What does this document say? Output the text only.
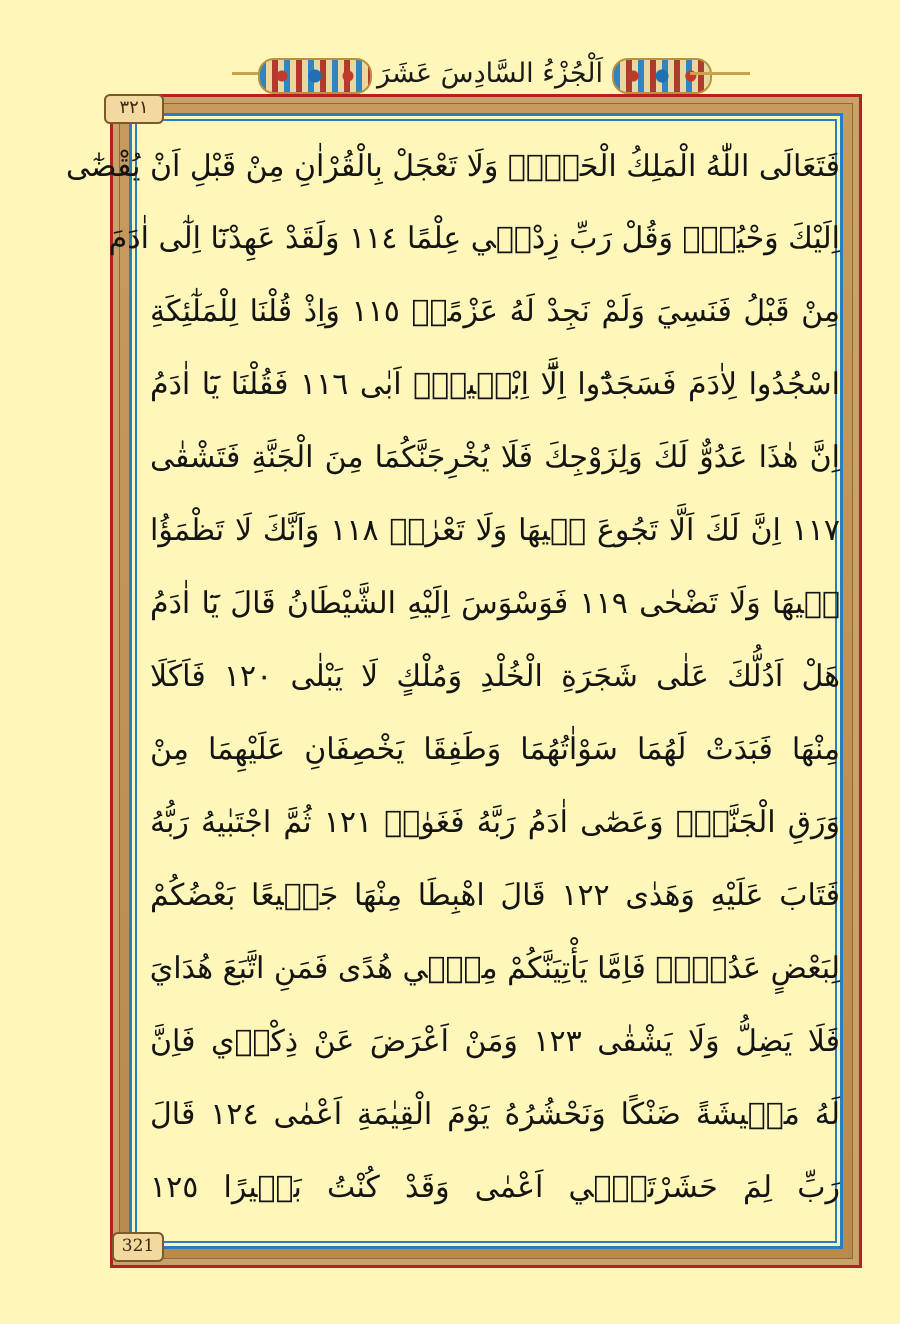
اَلْجُزْءُ السَّادِسَ عَشَرَ
٣٢١
321
فَتَعَالَى اللّٰهُ الْمَلِكُ الْحَقُّۚ وَلَا تَعْجَلْ بِالْقُرْاٰنِ مِنْ قَبْلِ اَنْ يُقْضٰٓى
اِلَيْكَ وَحْيُهُۘ وَقُلْ رَبِّ زِدْن۪ي عِلْمًا ١١٤ وَلَقَدْ عَهِدْنَٓا اِلٰٓى اٰدَمَ
مِنْ قَبْلُ فَنَسِيَ وَلَمْ نَجِدْ لَهُ عَزْمًا۟ ١١٥ وَاِذْ قُلْنَا لِلْمَلٰٓئِكَةِ
اسْجُدُوا لِاٰدَمَ فَسَجَدُٓوا اِلَّٓا اِبْل۪يسَۜ اَبٰى ١١٦ فَقُلْنَا يَٓا اٰدَمُ
اِنَّ هٰذَا عَدُوٌّ لَكَ وَلِزَوْجِكَ فَلَا يُخْرِجَنَّكُمَا مِنَ الْجَنَّةِ فَتَشْقٰى
١١٧ اِنَّ لَكَ اَلَّا تَجُوعَ ف۪يهَا وَلَا تَعْرٰىۙ ١١٨ وَاَنَّكَ لَا تَظْمَؤُا
ف۪يهَا وَلَا تَضْحٰى ١١٩ فَوَسْوَسَ اِلَيْهِ الشَّيْطَانُ قَالَ يَٓا اٰدَمُ
هَلْ اَدُلُّكَ عَلٰى شَجَرَةِ الْخُلْدِ وَمُلْكٍ لَا يَبْلٰى ١٢٠ فَاَكَلَا
مِنْهَا فَبَدَتْ لَهُمَا سَوْاٰتُهُمَا وَطَفِقَا يَخْصِفَانِ عَلَيْهِمَا مِنْ
وَرَقِ الْجَنَّةِۘ وَعَصٰٓى اٰدَمُ رَبَّهُ فَغَوٰىۖ ١٢١ ثُمَّ اجْتَبٰيهُ رَبُّهُ
فَتَابَ عَلَيْهِ وَهَدٰى ١٢٢ قَالَ اهْبِطَا مِنْهَا جَم۪يعًا بَعْضُكُمْ
لِبَعْضٍ عَدُوٌّۚ فَاِمَّا يَأْتِيَنَّكُمْ مِنّ۪ي هُدًى فَمَنِ اتَّبَعَ هُدَايَ
فَلَا يَضِلُّ وَلَا يَشْقٰى ١٢٣ وَمَنْ اَعْرَضَ عَنْ ذِكْر۪ي فَاِنَّ
لَهُ مَع۪يشَةً ضَنْكًا وَنَحْشُرُهُ يَوْمَ الْقِيٰمَةِ اَعْمٰى ١٢٤ قَالَ
رَبِّ لِمَ حَشَرْتَن۪ٓي اَعْمٰى وَقَدْ كُنْتُ بَص۪يرًا ١٢٥
